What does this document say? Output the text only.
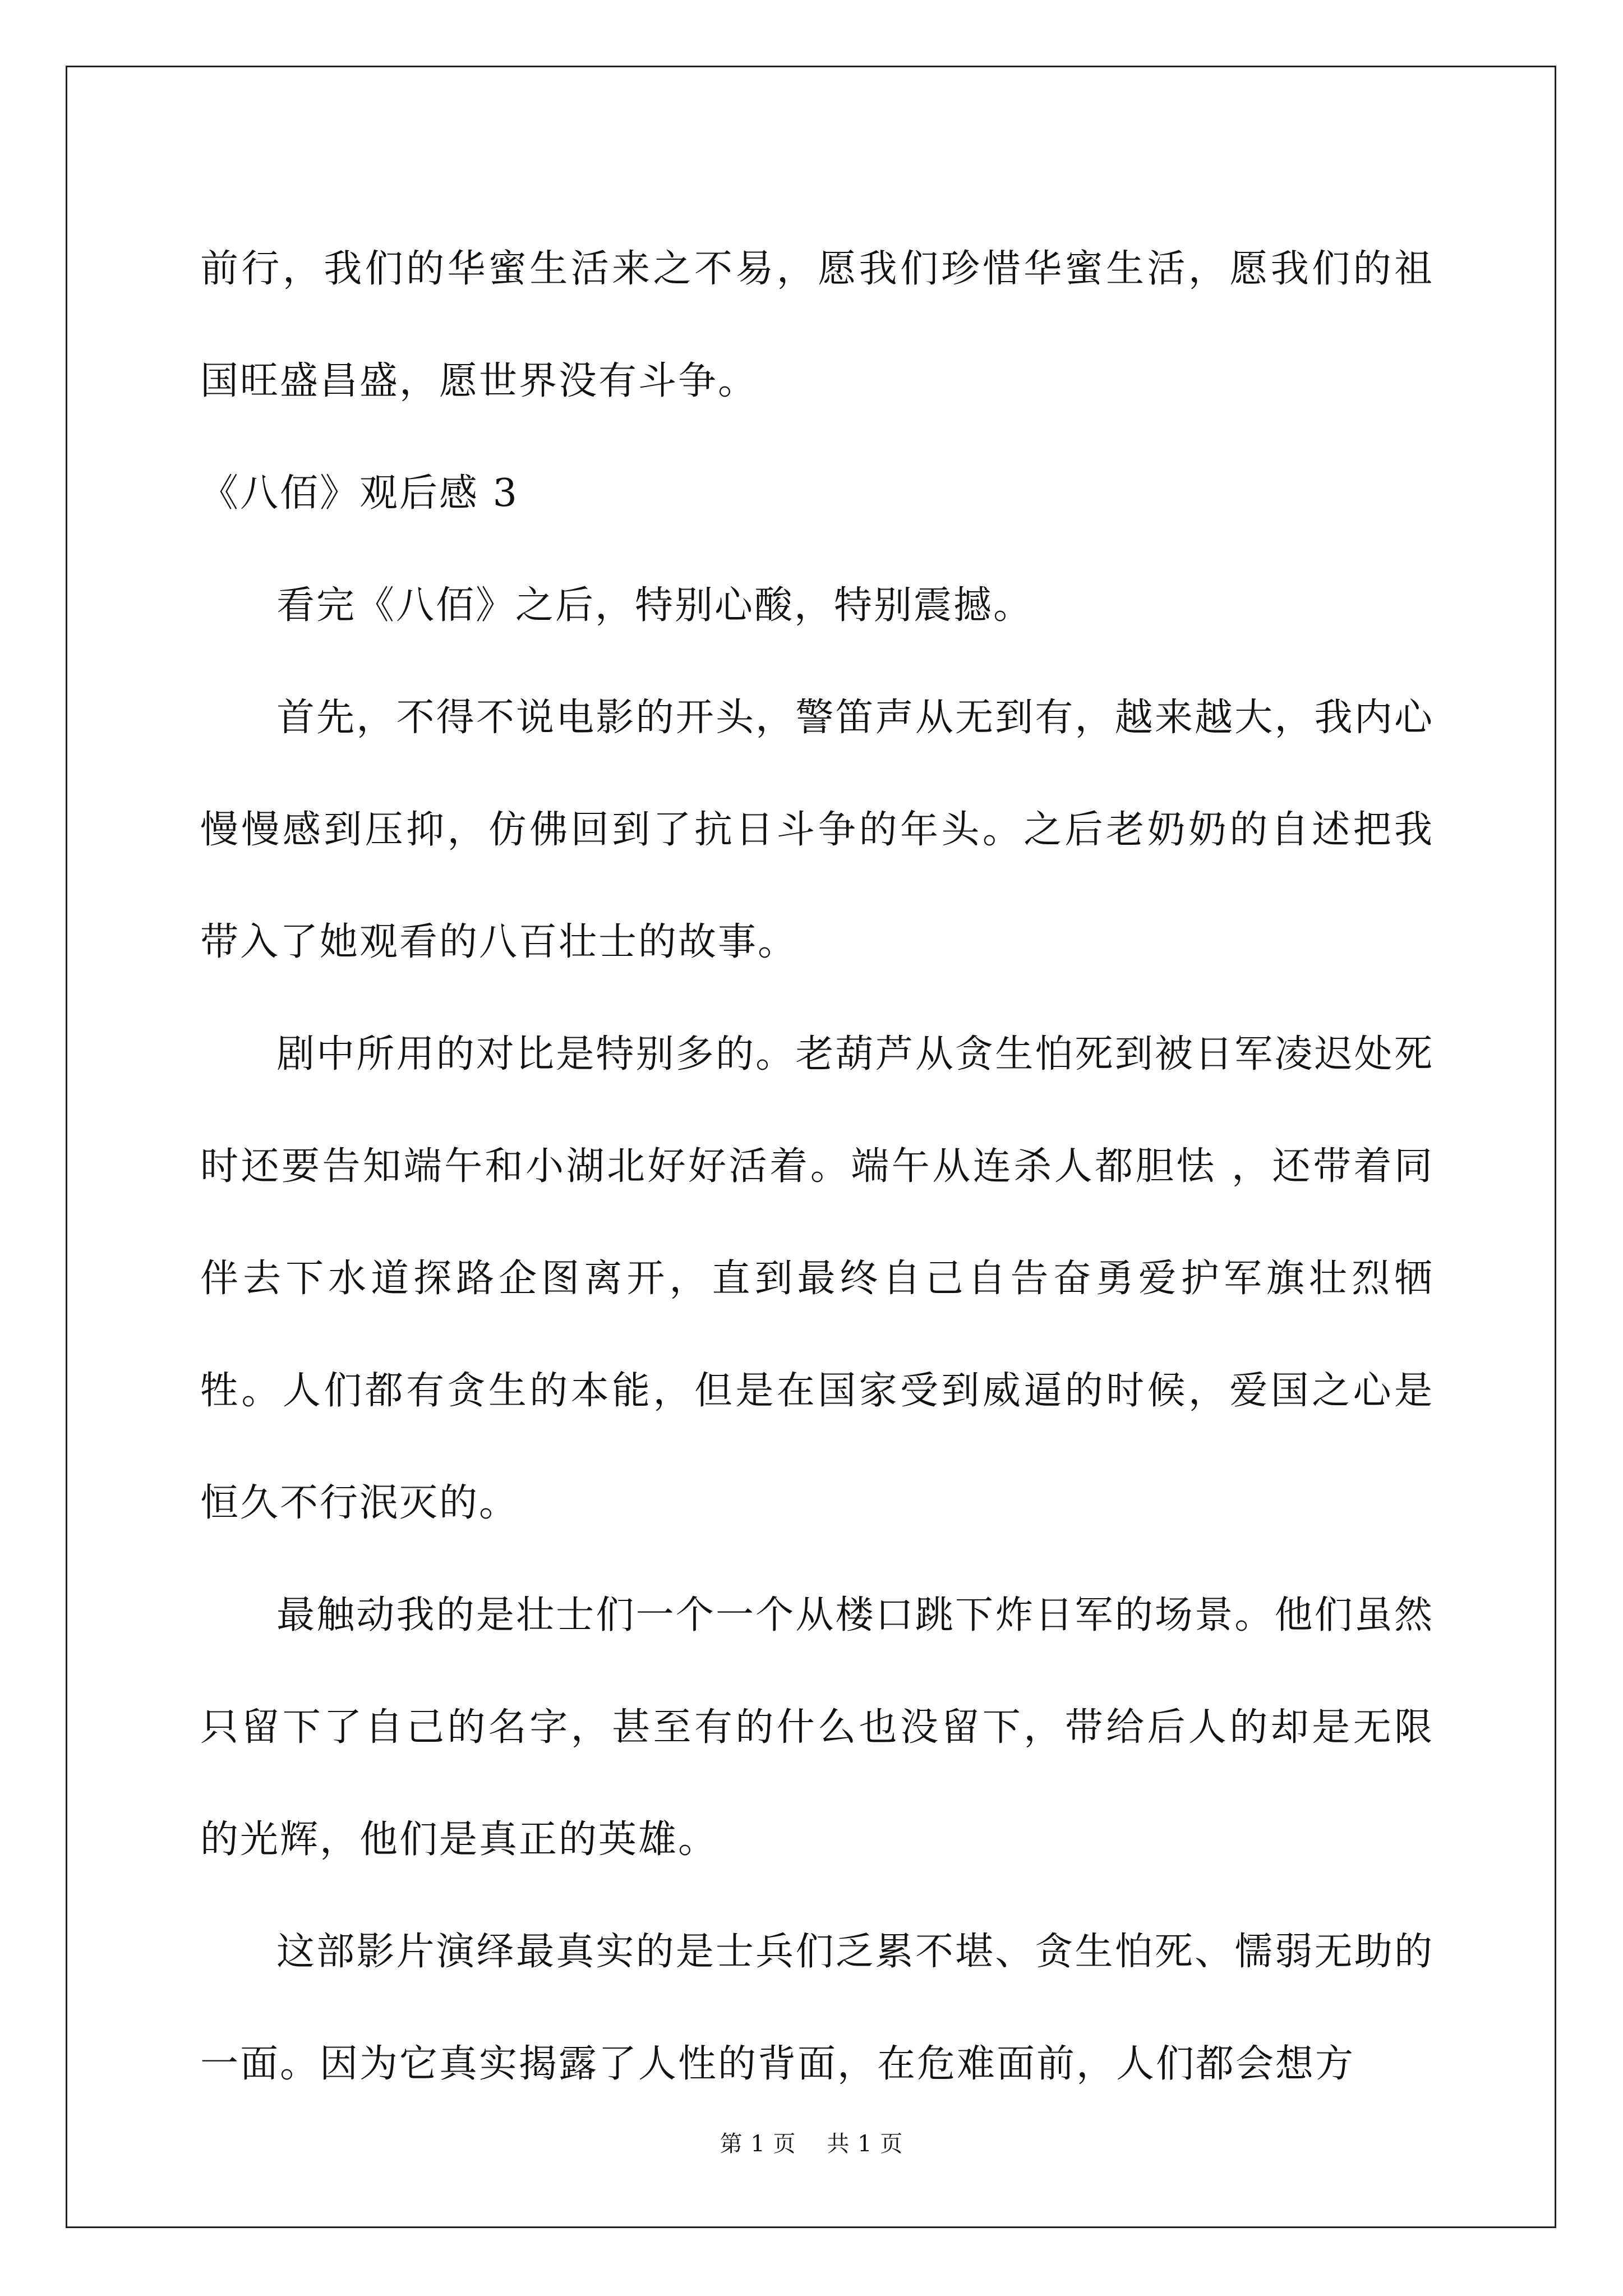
前行，我们的华蜜生活来之不易，愿我们珍惜华蜜生活，愿我们的祖国旺盛昌盛，愿世界没有斗争。

《八佰》观后感 3

看完《八佰》之后，特别心酸，特别震撼。

首先，不得不说电影的开头，警笛声从无到有，越来越大，我内心慢慢感到压抑，仿佛回到了抗日斗争的年头。之后老奶奶的自述把我带入了她观看的八百壮士的故事。

剧中所用的对比是特别多的。老葫芦从贪生怕死到被日军凌迟处死时还要告知端午和小湖北好好活着。端午从连杀人都胆怯 ，还带着同伴去下水道探路企图离开，直到最终自己自告奋勇爱护军旗壮烈牺牲。人们都有贪生的本能，但是在国家受到威逼的时候，爱国之心是恒久不行泯灭的。

最触动我的是壮士们一个一个从楼口跳下炸日军的场景。他们虽然只留下了自己的名字，甚至有的什么也没留下，带给后人的却是无限的光辉，他们是真正的英雄。

这部影片演绎最真实的是士兵们乏累不堪、贪生怕死、懦弱无助的一面。因为它真实揭露了人性的背面，在危难面前，人们都会想方

第 1 页 共 1 页
